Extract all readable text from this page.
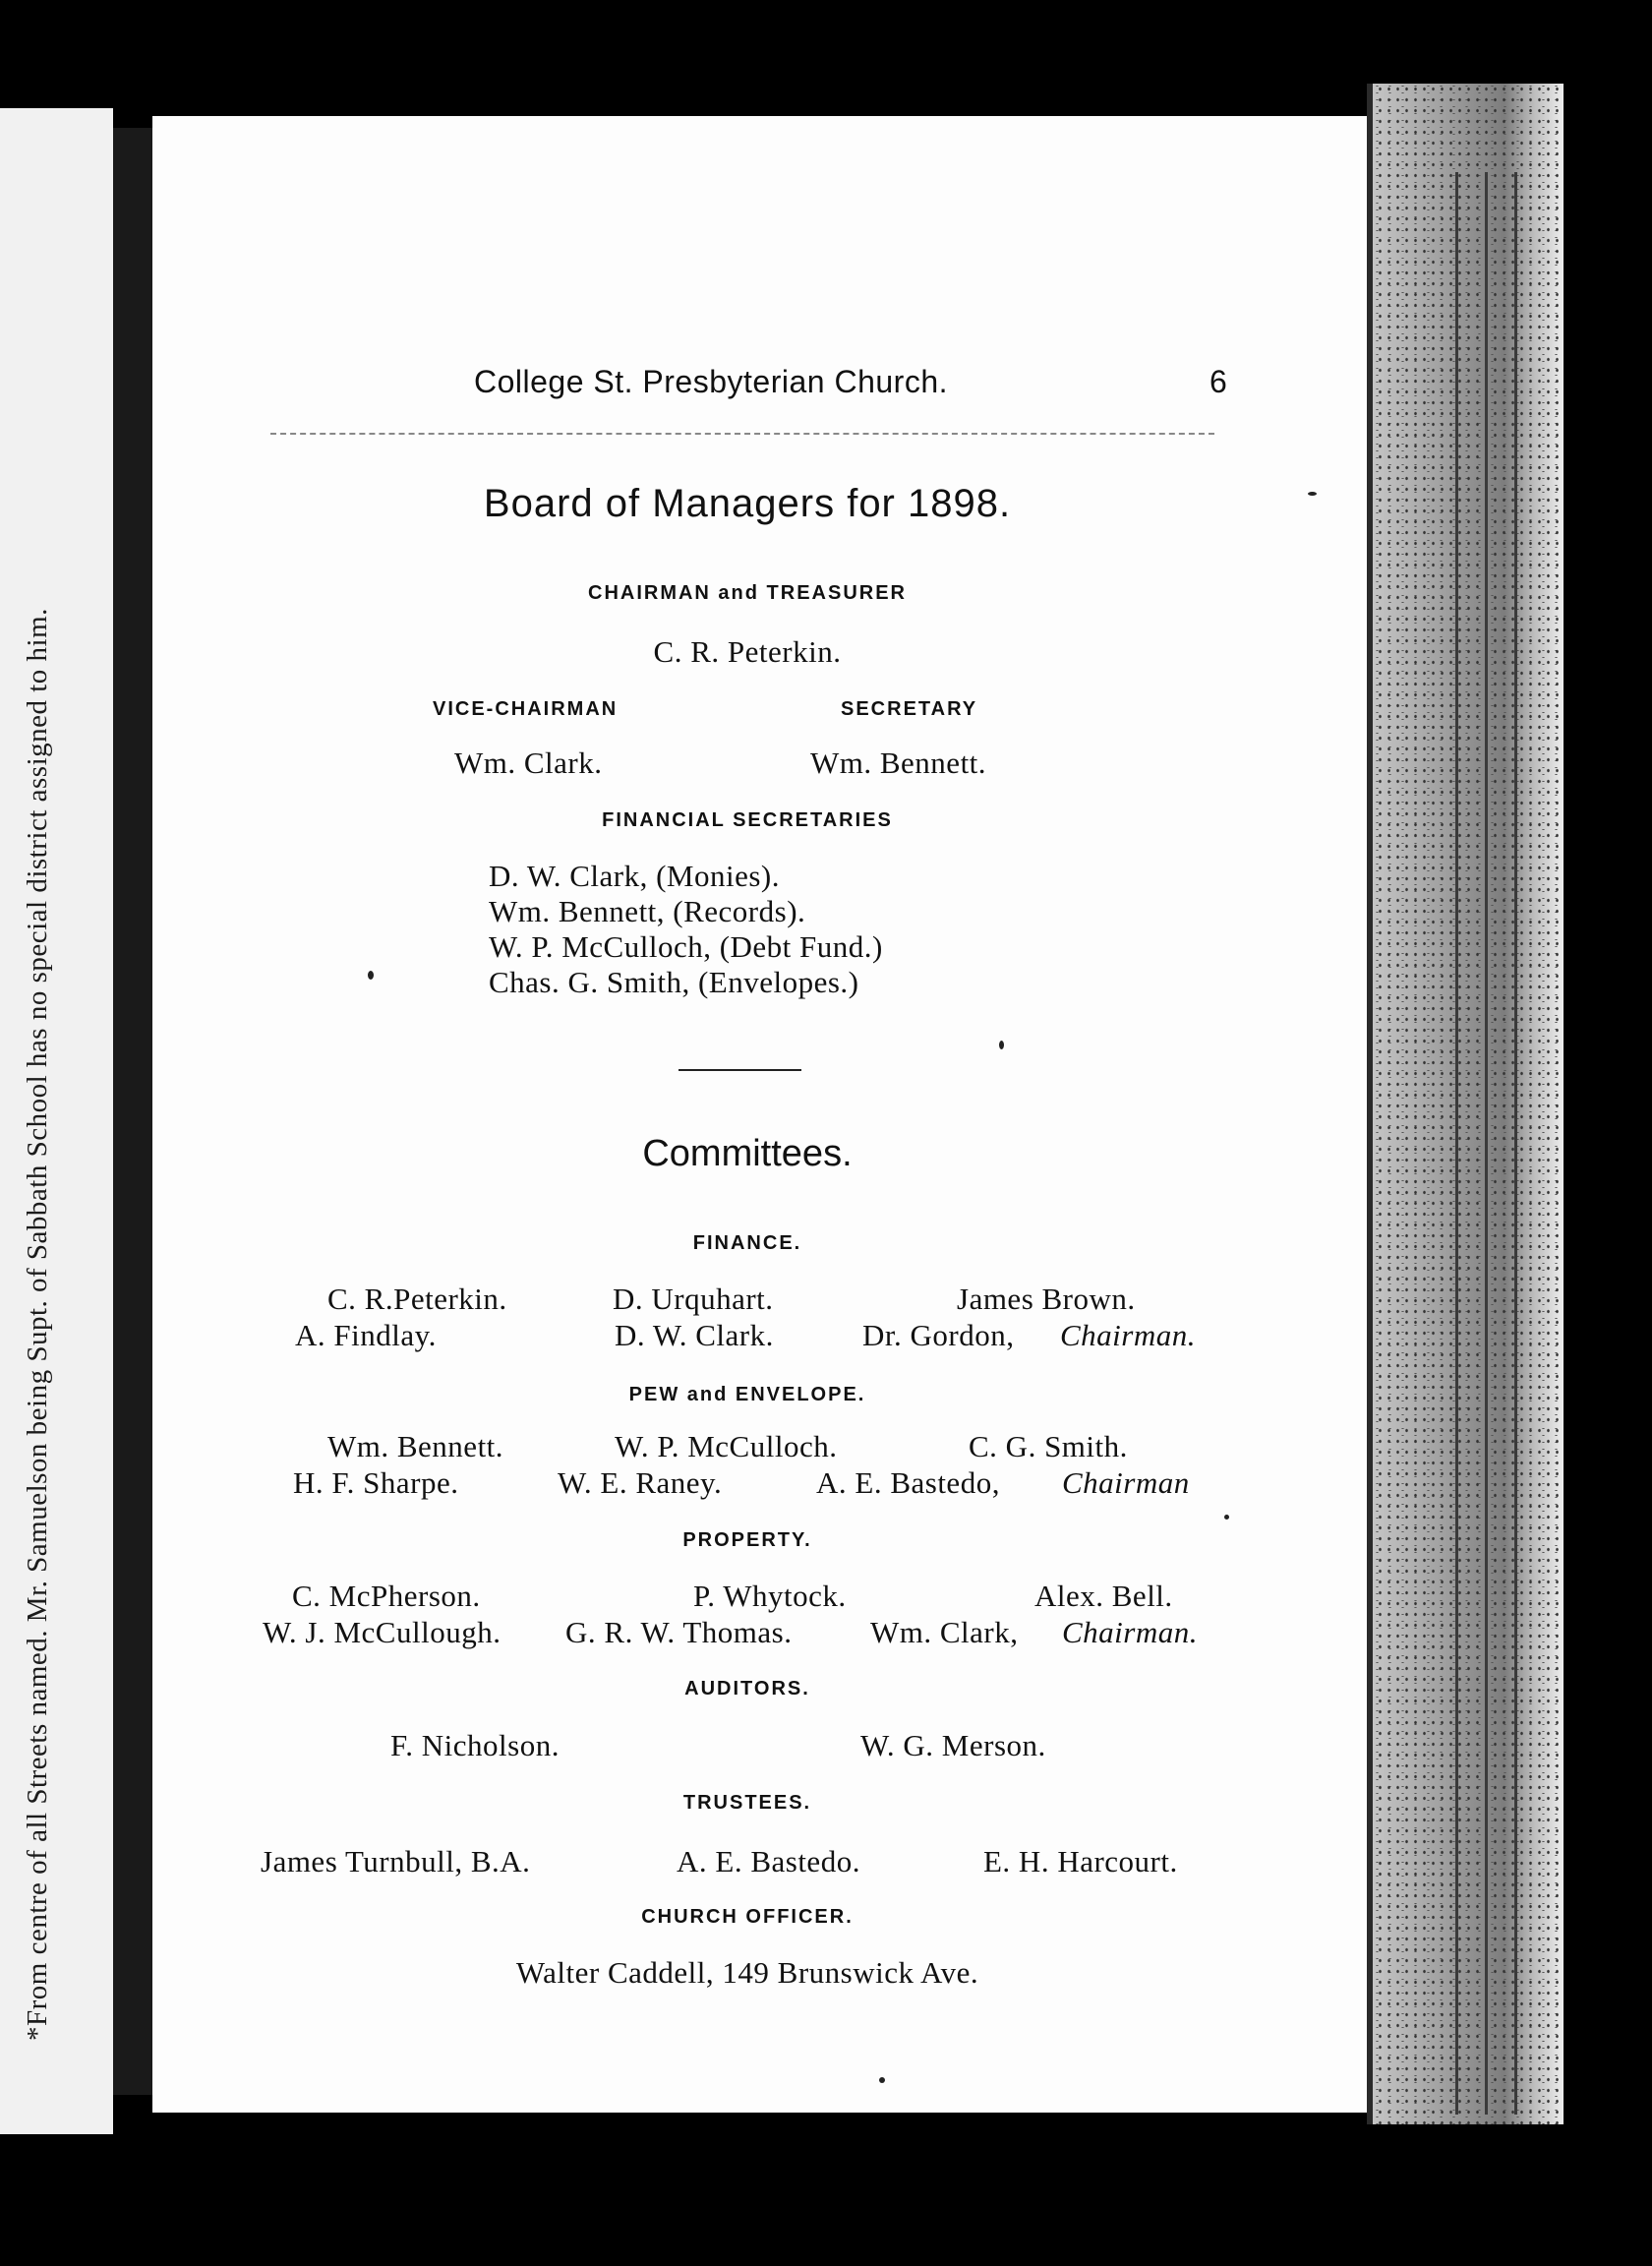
*From centre of all Streets named. Mr. Samuelson being Supt. of Sabbath School has no special district assigned to him.
College St. Presbyterian Church.	6
Board of Managers for 1898.
CHAIRMAN and TREASURER
C. R. Peterkin.
VICE-CHAIRMAN	SECRETARY
Wm. Clark.	Wm. Bennett.
FINANCIAL SECRETARIES
D. W. Clark, (Monies).
Wm. Bennett, (Records).
W. P. McCulloch, (Debt Fund.)
Chas. G. Smith, (Envelopes.)
Committees.
FINANCE.
C. R.Peterkin.	D. Urquhart.	James Brown.
A. Findlay.	D. W. Clark.	Dr. Gordon, Chairman.
PEW and ENVELOPE.
Wm. Bennett.	W. P. McCulloch.	C. G. Smith.
H. F. Sharpe.	W. E. Raney.	A. E. Bastedo, Chairman
PROPERTY.
C. McPherson.	P. Whytock.	Alex. Bell.
W. J. McCullough. G. R. W. Thomas.	Wm. Clark, Chairman.
AUDITORS.
F. Nicholson.	W. G. Merson.
TRUSTEES.
James Turnbull, B.A.	A. E. Bastedo.	E. H. Harcourt.
CHURCH OFFICER.
Walter Caddell, 149 Brunswick Ave.
